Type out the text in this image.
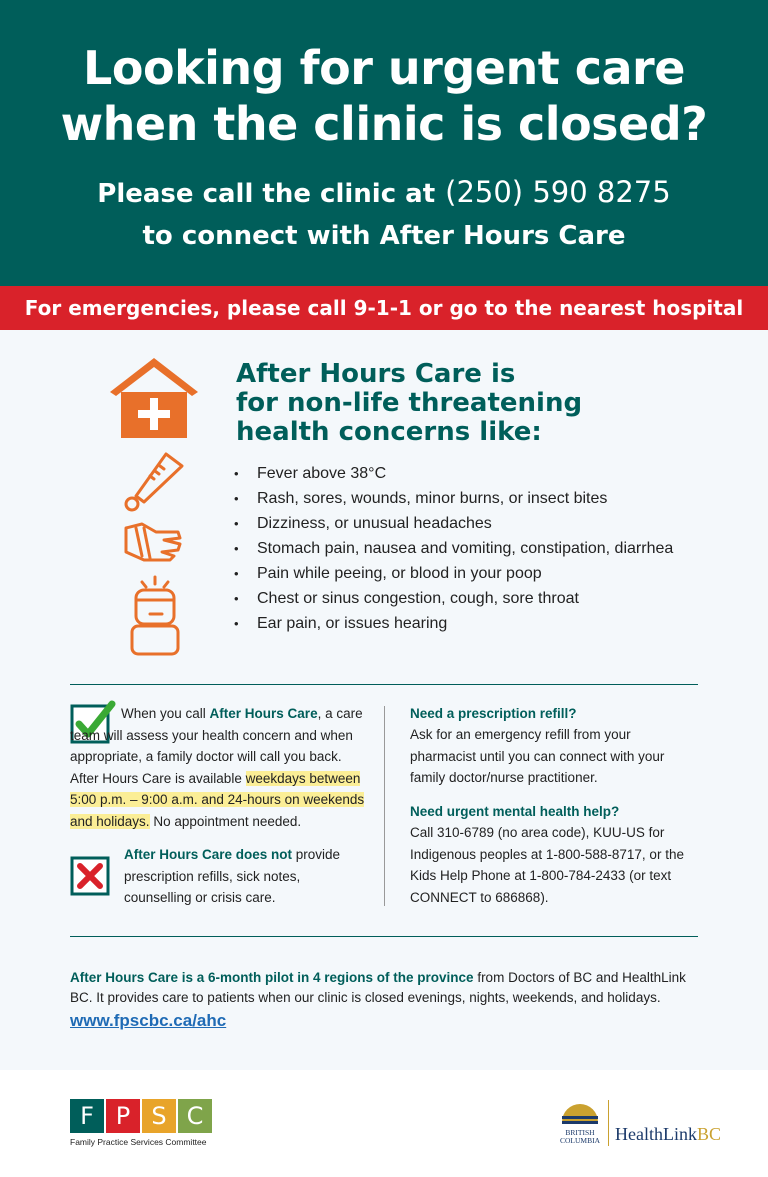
Looking for urgent care
when the clinic is closed?
Please call the clinic at (250) 590 8275
to connect with After Hours Care
For emergencies, please call 9-1-1 or go to the nearest hospital
After Hours Care is
for non-life threatening
health concerns like:
• Fever above 38°C
• Rash, sores, wounds, minor burns, or insect bites
• Dizziness, or unusual headaches
• Stomach pain, nausea and vomiting, constipation, diarrhea
• Pain while peeing, or blood in your poop
• Chest or sinus congestion, cough, sore throat
• Ear pain, or issues hearing
When you call After Hours Care, a care team will assess your health concern and when appropriate, a family doctor will call you back. After Hours Care is available weekdays between 5:00 p.m. – 9:00 a.m. and 24-hours on weekends and holidays. No appointment needed.
After Hours Care does not provide prescription refills, sick notes, counselling or crisis care.
Need a prescription refill?
Ask for an emergency refill from your pharmacist until you can connect with your family doctor/nurse practitioner.
Need urgent mental health help?
Call 310-6789 (no area code), KUU-US for Indigenous peoples at 1-800-588-8717, or the Kids Help Phone at 1-800-784-2433 (or text CONNECT to 686868).
After Hours Care is a 6-month pilot in 4 regions of the province from Doctors of BC and HealthLink BC. It provides care to patients when our clinic is closed evenings, nights, weekends, and holidays.
www.fpscbc.ca/ahc
F P S C
Family Practice Services Committee
BRITISH
COLUMBIA HealthLinkBC
